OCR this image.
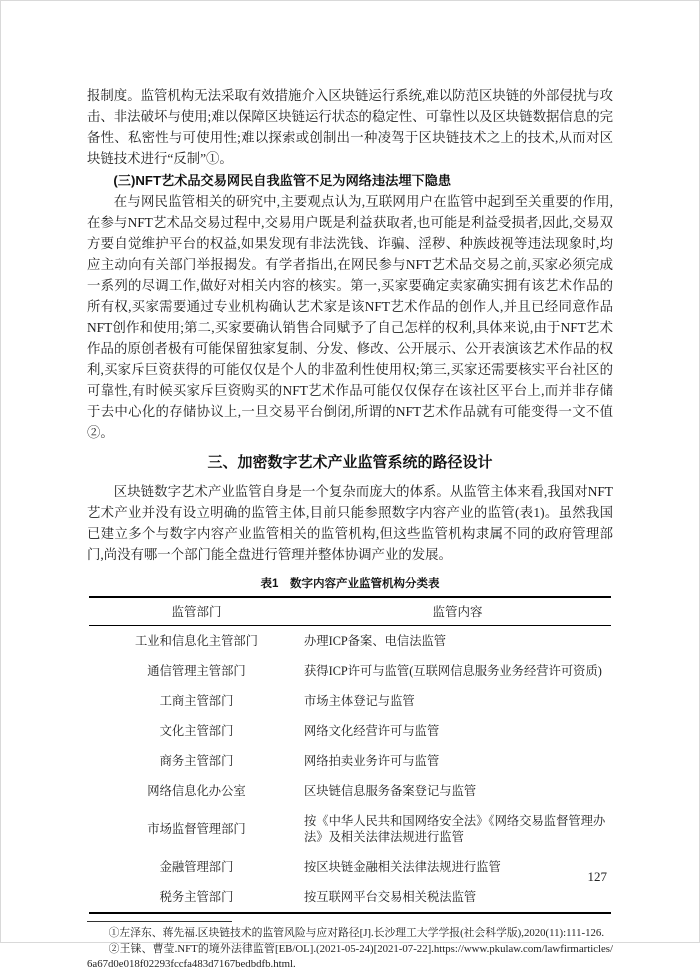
报制度。监管机构无法采取有效措施介入区块链运行系统,难以防范区块链的外部侵扰与攻击、非法破坏与使用;难以保障区块链运行状态的稳定性、可靠性以及区块链数据信息的完备性、私密性与可使用性;难以探索或创制出一种凌驾于区块链技术之上的技术,从而对区块链技术进行“反制”①。

(三)NFT艺术品交易网民自我监管不足为网络违法埋下隐患

在与网民监管相关的研究中,主要观点认为,互联网用户在监管中起到至关重要的作用,在参与NFT艺术品交易过程中,交易用户既是利益获取者,也可能是利益受损者,因此,交易双方要自觉维护平台的权益,如果发现有非法洗钱、诈骗、淫秽、种族歧视等违法现象时,均应主动向有关部门举报揭发。有学者指出,在网民参与NFT艺术品交易之前,买家必须完成一系列的尽调工作,做好对相关内容的核实。第一,买家要确定卖家确实拥有该艺术作品的所有权,买家需要通过专业机构确认艺术家是该NFT艺术作品的创作人,并且已经同意作品NFT创作和使用;第二,买家要确认销售合同赋予了自己怎样的权利,具体来说,由于NFT艺术作品的原创者极有可能保留独家复制、分发、修改、公开展示、公开表演该艺术作品的权利,买家斥巨资获得的可能仅仅是个人的非盈利性使用权;第三,买家还需要核实平台社区的可靠性,有时候买家斥巨资购买的NFT艺术作品可能仅仅保存在该社区平台上,而并非存储于去中心化的存储协议上,一旦交易平台倒闭,所谓的NFT艺术作品就有可能变得一文不值②。

三、加密数字艺术产业监管系统的路径设计

区块链数字艺术产业监管自身是一个复杂而庞大的体系。从监管主体来看,我国对NFT艺术产业并没有设立明确的监管主体,目前只能参照数字内容产业的监管(表1)。虽然我国已建立多个与数字内容产业监管相关的监管机构,但这些监管机构隶属不同的政府管理部门,尚没有哪一个部门能全盘进行管理并整体协调产业的发展。

表1　数字内容产业监管机构分类表
监管部门	监管内容
工业和信息化主管部门	办理ICP备案、电信法监管
通信管理主管部门	获得ICP许可与监管(互联网信息服务业务经营许可资质)
工商主管部门	市场主体登记与监管
文化主管部门	网络文化经营许可与监管
商务主管部门	网络拍卖业务许可与监管
网络信息化办公室	区块链信息服务备案登记与监管
市场监督管理部门	按《中华人民共和国网络安全法》《网络交易监督管理办法》及相关法律法规进行监管
金融管理部门	按区块链金融相关法律法规进行监管
税务主管部门	按互联网平台交易相关税法监管

①左泽东、蒋先福.区块链技术的监管风险与应对路径[J].长沙理工大学学报(社会科学版),2020(11):111-126.

②王铼、曹莹.NFT的境外法律监管[EB/OL].(2021-05-24)[2021-07-22].https://www.pkulaw.com/lawfirmarticles/6a67d0e018f02293fccfa483d7167bedbdfb.html.

127
